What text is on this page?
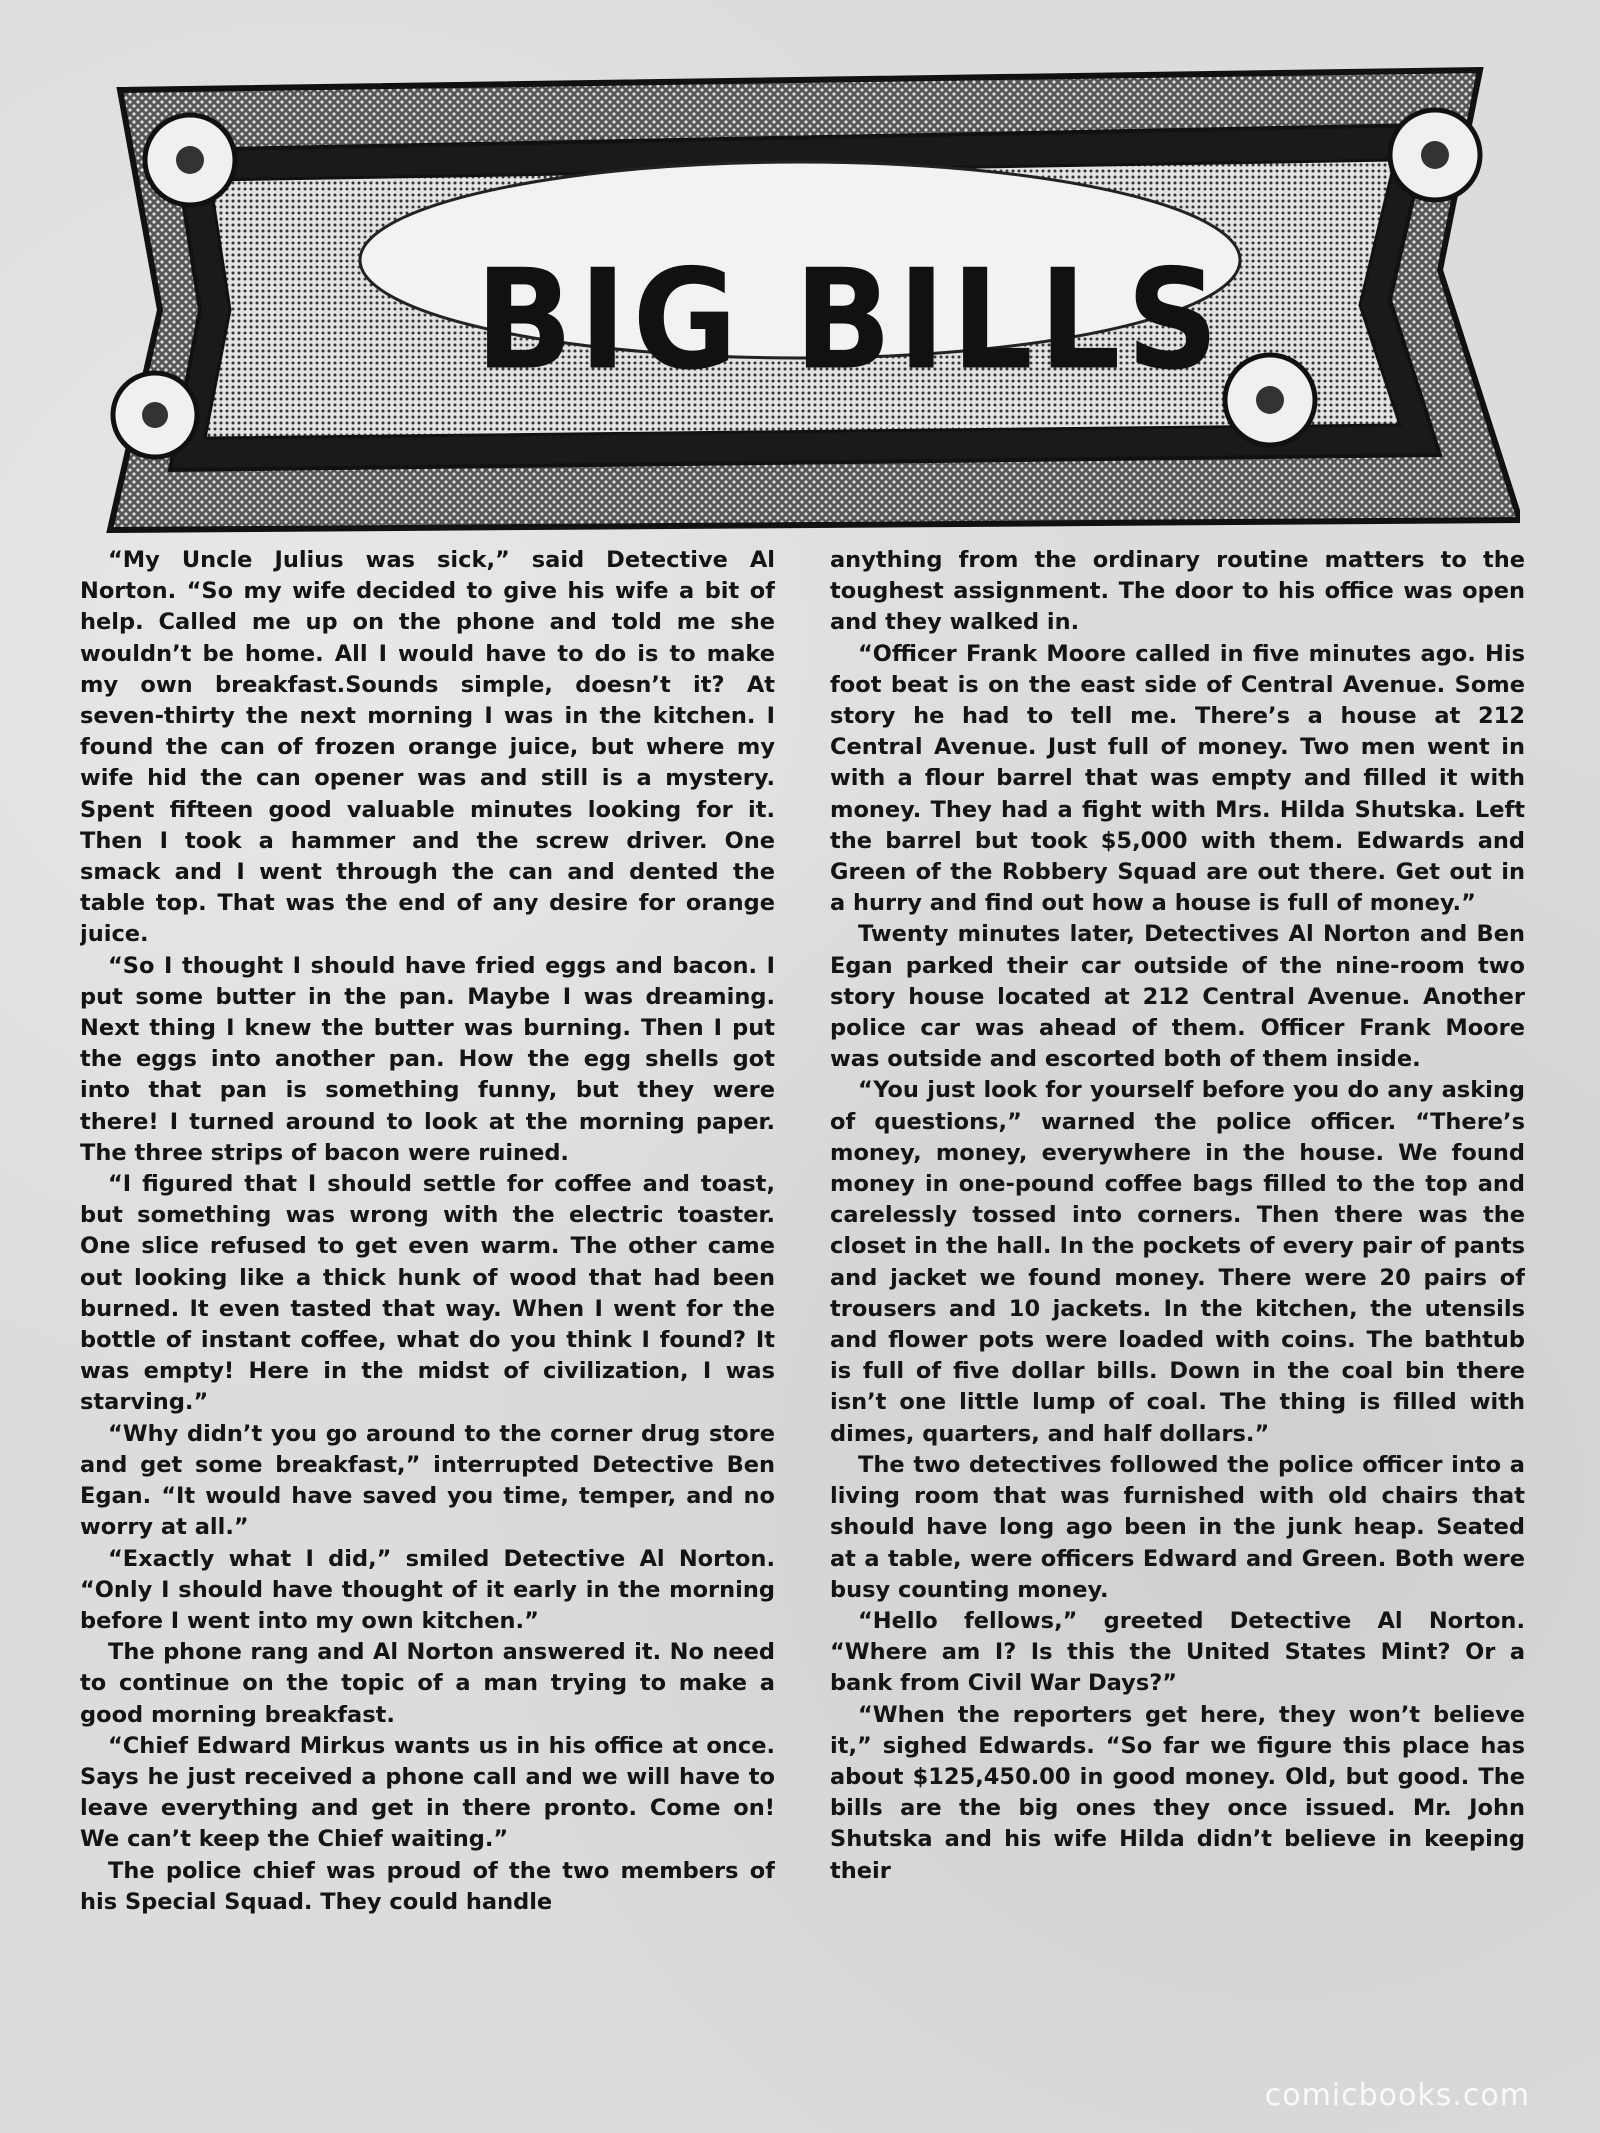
BIG BILLS

“My Uncle Julius was sick,” said Detective Al Norton. “So my wife decided to give his wife a bit of help. Called me up on the phone and told me she wouldn’t be home. All I would have to do is to make my own breakfast.Sounds simple, doesn’t it? At seven-thirty the next morning I was in the kitchen. I found the can of frozen orange juice, but where my wife hid the can opener was and still is a mystery. Spent fifteen good valuable minutes looking for it. Then I took a hammer and the screw driver. One smack and I went through the can and dented the table top. That was the end of any desire for orange juice.

“So I thought I should have fried eggs and bacon. I put some butter in the pan. Maybe I was dreaming. Next thing I knew the butter was burning. Then I put the eggs into another pan. How the egg shells got into that pan is something funny, but they were there! I turned around to look at the morning paper. The three strips of bacon were ruined.

“I figured that I should settle for coffee and toast, but something was wrong with the electric toaster. One slice refused to get even warm. The other came out looking like a thick hunk of wood that had been burned. It even tasted that way. When I went for the bottle of instant coffee, what do you think I found? It was empty! Here in the midst of civilization, I was starving.”

“Why didn’t you go around to the corner drug store and get some breakfast,” interrupted Detective Ben Egan. “It would have saved you time, temper, and no worry at all.”

“Exactly what I did,” smiled Detective Al Norton. “Only I should have thought of it early in the morning before I went into my own kitchen.”

The phone rang and Al Norton answered it. No need to continue on the topic of a man trying to make a good morning breakfast.

“Chief Edward Mirkus wants us in his office at once. Says he just received a phone call and we will have to leave everything and get in there pronto. Come on! We can’t keep the Chief waiting.”

The police chief was proud of the two members of his Special Squad. They could handle

anything from the ordinary routine matters to the toughest assignment. The door to his office was open and they walked in.

“Officer Frank Moore called in five minutes ago. His foot beat is on the east side of Central Avenue. Some story he had to tell me. There’s a house at 212 Central Avenue. Just full of money. Two men went in with a flour barrel that was empty and filled it with money. They had a fight with Mrs. Hilda Shutska. Left the barrel but took $5,000 with them. Edwards and Green of the Robbery Squad are out there. Get out in a hurry and find out how a house is full of money.”

Twenty minutes later, Detectives Al Norton and Ben Egan parked their car outside of the nine-room two story house located at 212 Central Avenue. Another police car was ahead of them. Officer Frank Moore was outside and escorted both of them inside.

“You just look for yourself before you do any asking of questions,” warned the police officer. “There’s money, money, everywhere in the house. We found money in one-pound coffee bags filled to the top and carelessly tossed into corners. Then there was the closet in the hall. In the pockets of every pair of pants and jacket we found money. There were 20 pairs of trousers and 10 jackets. In the kitchen, the utensils and flower pots were loaded with coins. The bathtub is full of five dollar bills. Down in the coal bin there isn’t one little lump of coal. The thing is filled with dimes, quarters, and half dollars.”

The two detectives followed the police officer into a living room that was furnished with old chairs that should have long ago been in the junk heap. Seated at a table, were officers Edward and Green. Both were busy counting money.

“Hello fellows,” greeted Detective Al Norton. “Where am I? Is this the United States Mint? Or a bank from Civil War Days?”

“When the reporters get here, they won’t believe it,” sighed Edwards. “So far we figure this place has about $125,450.00 in good money. Old, but good. The bills are the big ones they once issued. Mr. John Shutska and his wife Hilda didn’t believe in keeping their

comicbooks.com
